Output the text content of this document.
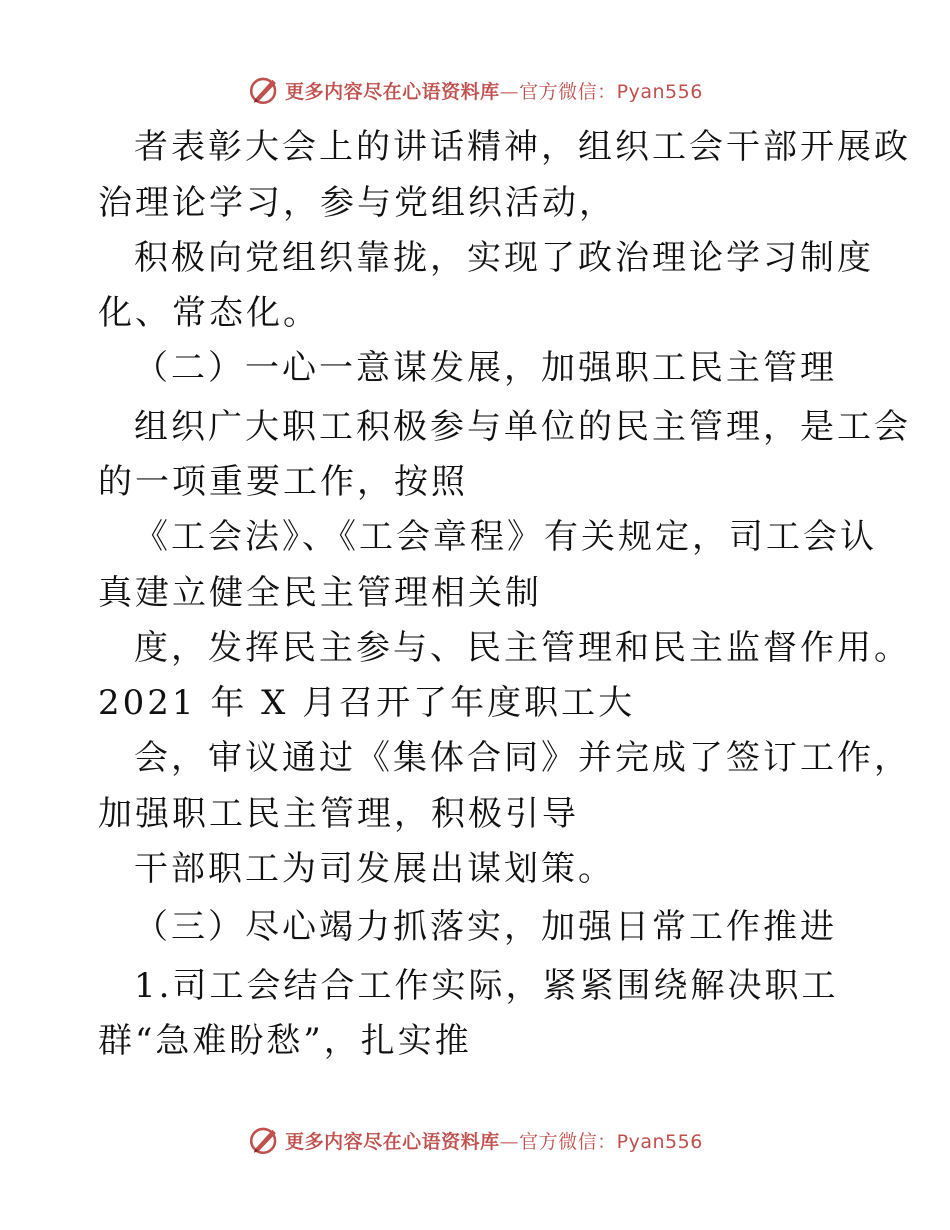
更多内容尽在心语资料库—官方微信：Pyan556
者表彰大会上的讲话精神，组织工会干部开展政
治理论学习，参与党组织活动，
积极向党组织靠拢，实现了政治理论学习制度
化、常态化。
（二）一心一意谋发展，加强职工民主管理
组织广大职工积极参与单位的民主管理，是工会
的一项重要工作，按照
《工会法》、《工会章程》有关规定，司工会认
真建立健全民主管理相关制
度，发挥民主参与、民主管理和民主监督作用。
2021 年 X 月召开了年度职工大
会，审议通过《集体合同》并完成了签订工作，
加强职工民主管理，积极引导
干部职工为司发展出谋划策。
（三）尽心竭力抓落实，加强日常工作推进
1.司工会结合工作实际，紧紧围绕解决职工
群“急难盼愁”，扎实推
更多内容尽在心语资料库—官方微信：Pyan556
